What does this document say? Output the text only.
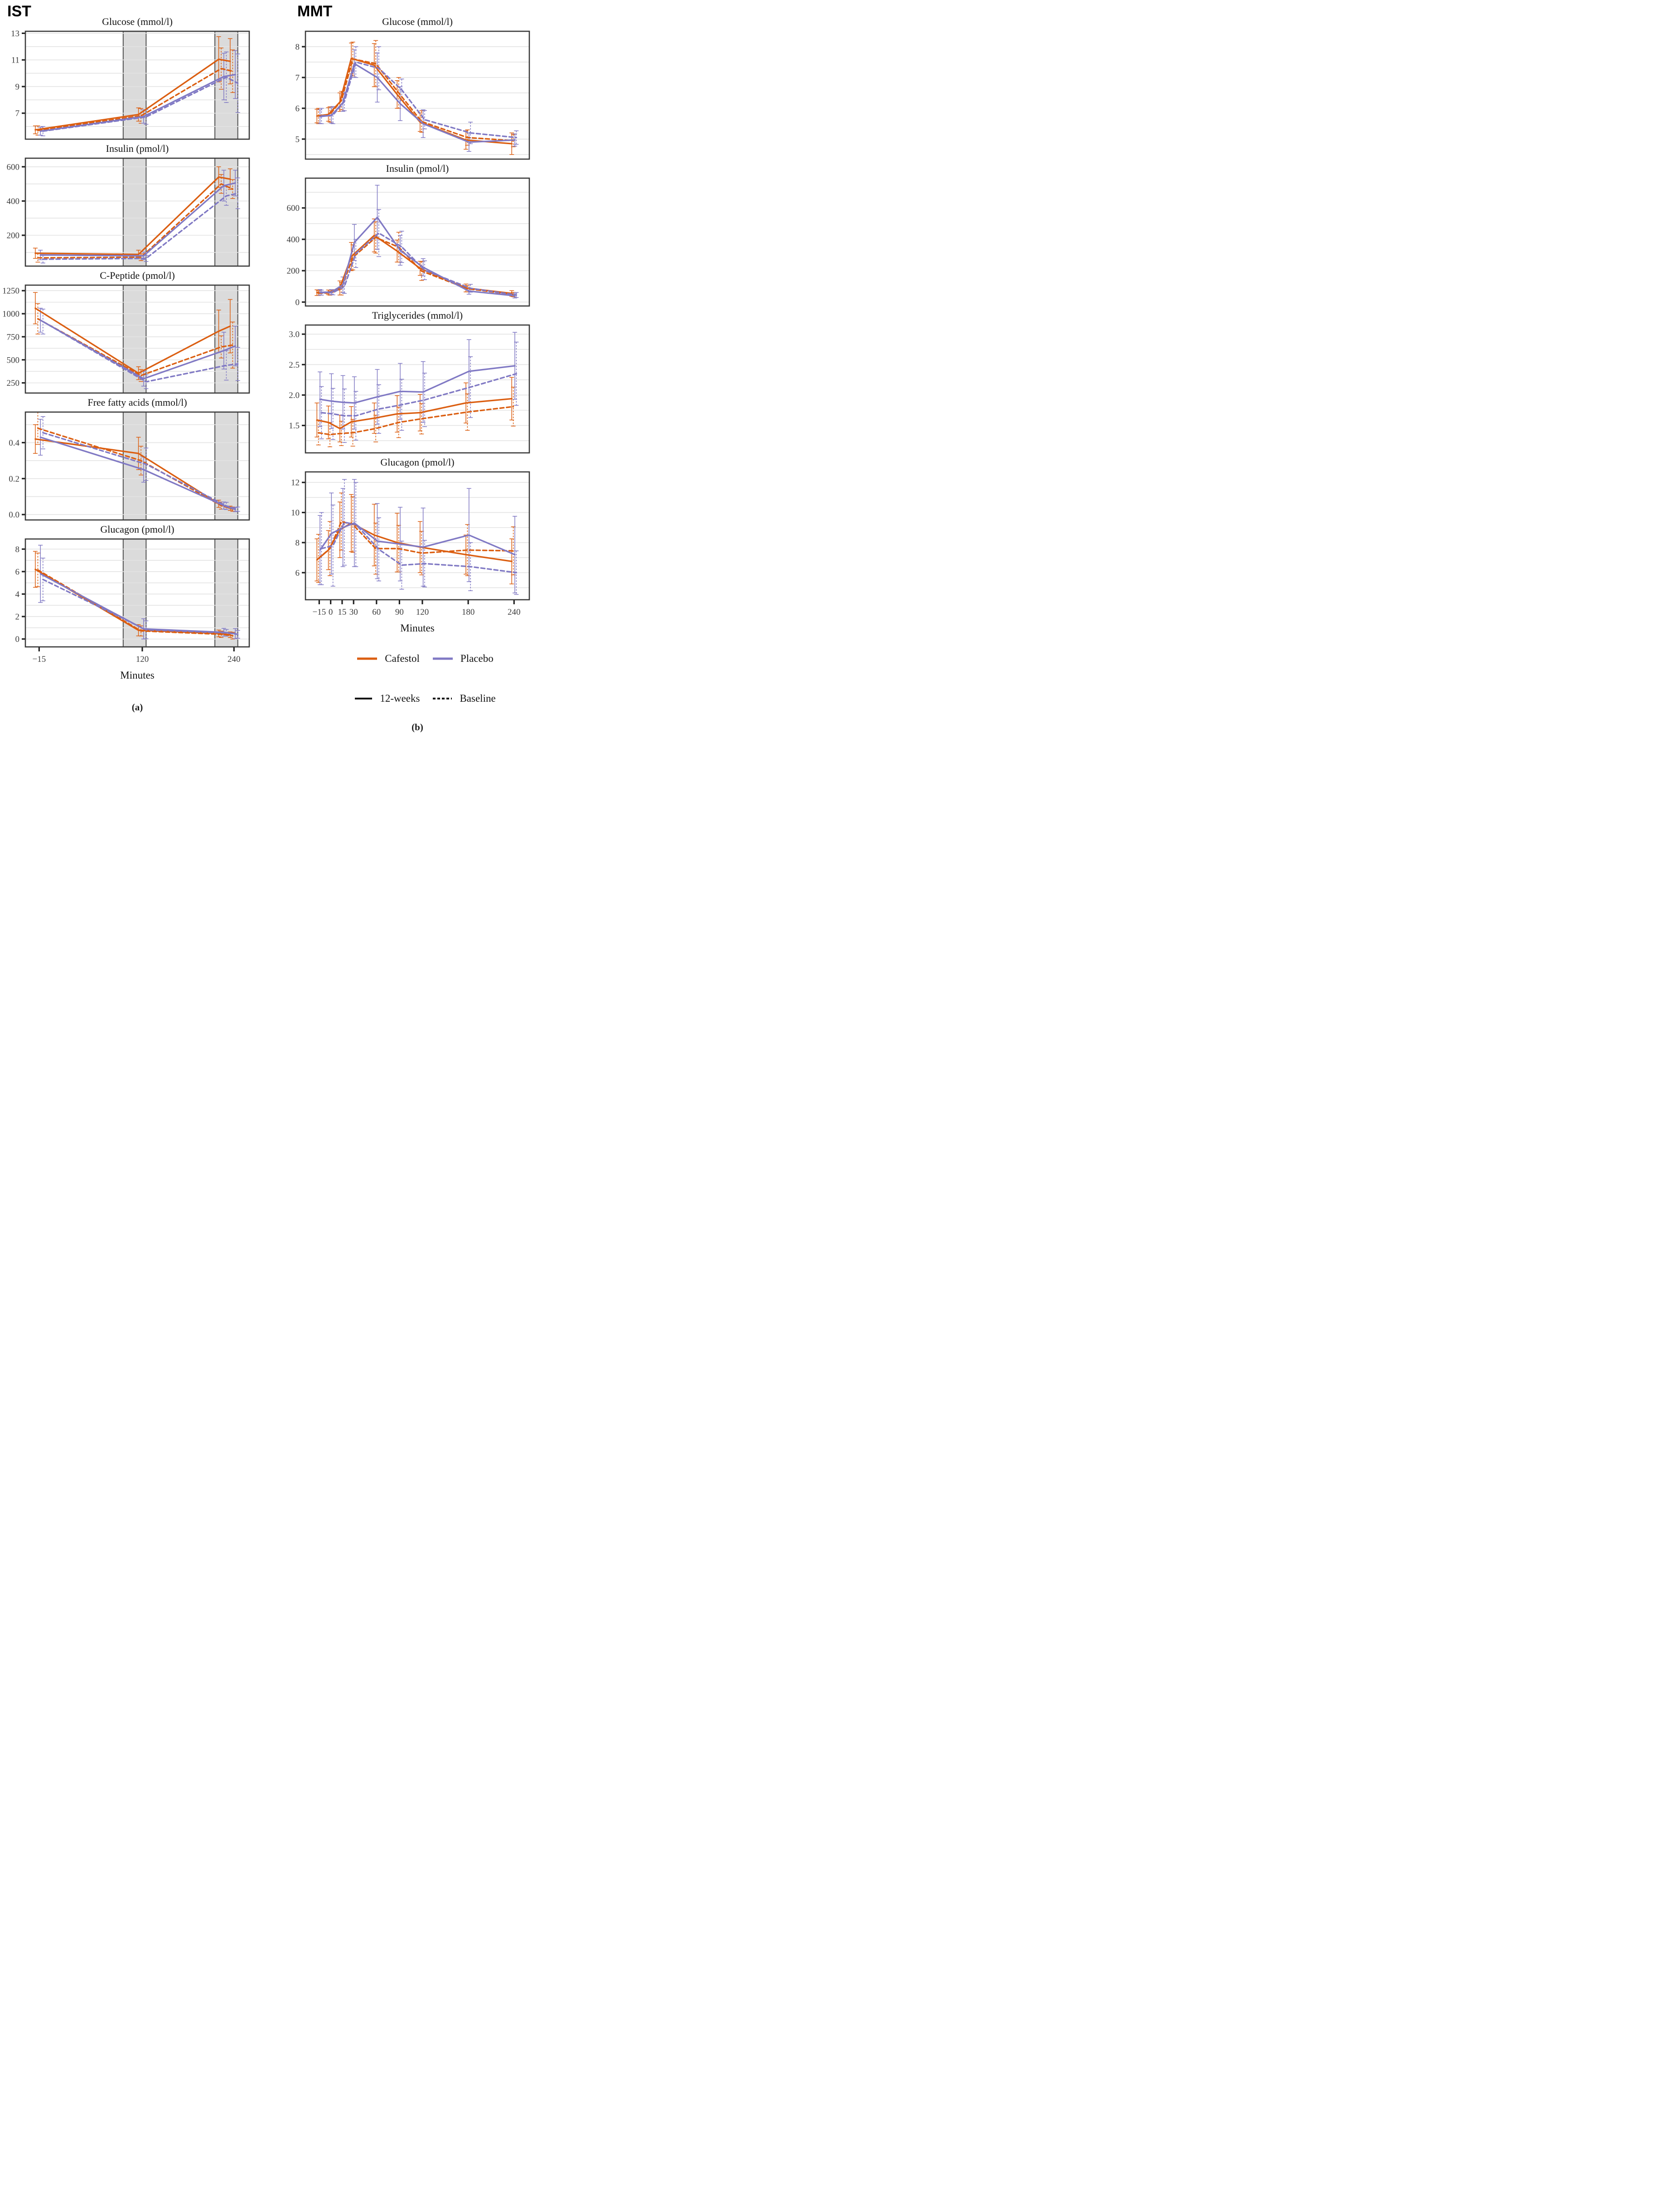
IST
Glucose (mmol/l)
7
9
11
13
Insulin (pmol/l)
200
400
600
C-Peptide (pmol/l)
250
500
750
1000
1250
Free fatty acids (mmol/l)
0.0
0.2
0.4
Glucagon (pmol/l)
0
2
4
6
8
−15	120	240
Minutes
(a)
MMT
Glucose (mmol/l)
5
6
7
8
Insulin (pmol/l)
0
200
400
600
Triglycerides (mmol/l)
1.5
2.0
2.5
3.0
Glucagon (pmol/l)
6
8
10
12
−15 0 15 30 60 90 120	180	240
Minutes
Cafestol	Placebo
12-weeks	Baseline
(b)
